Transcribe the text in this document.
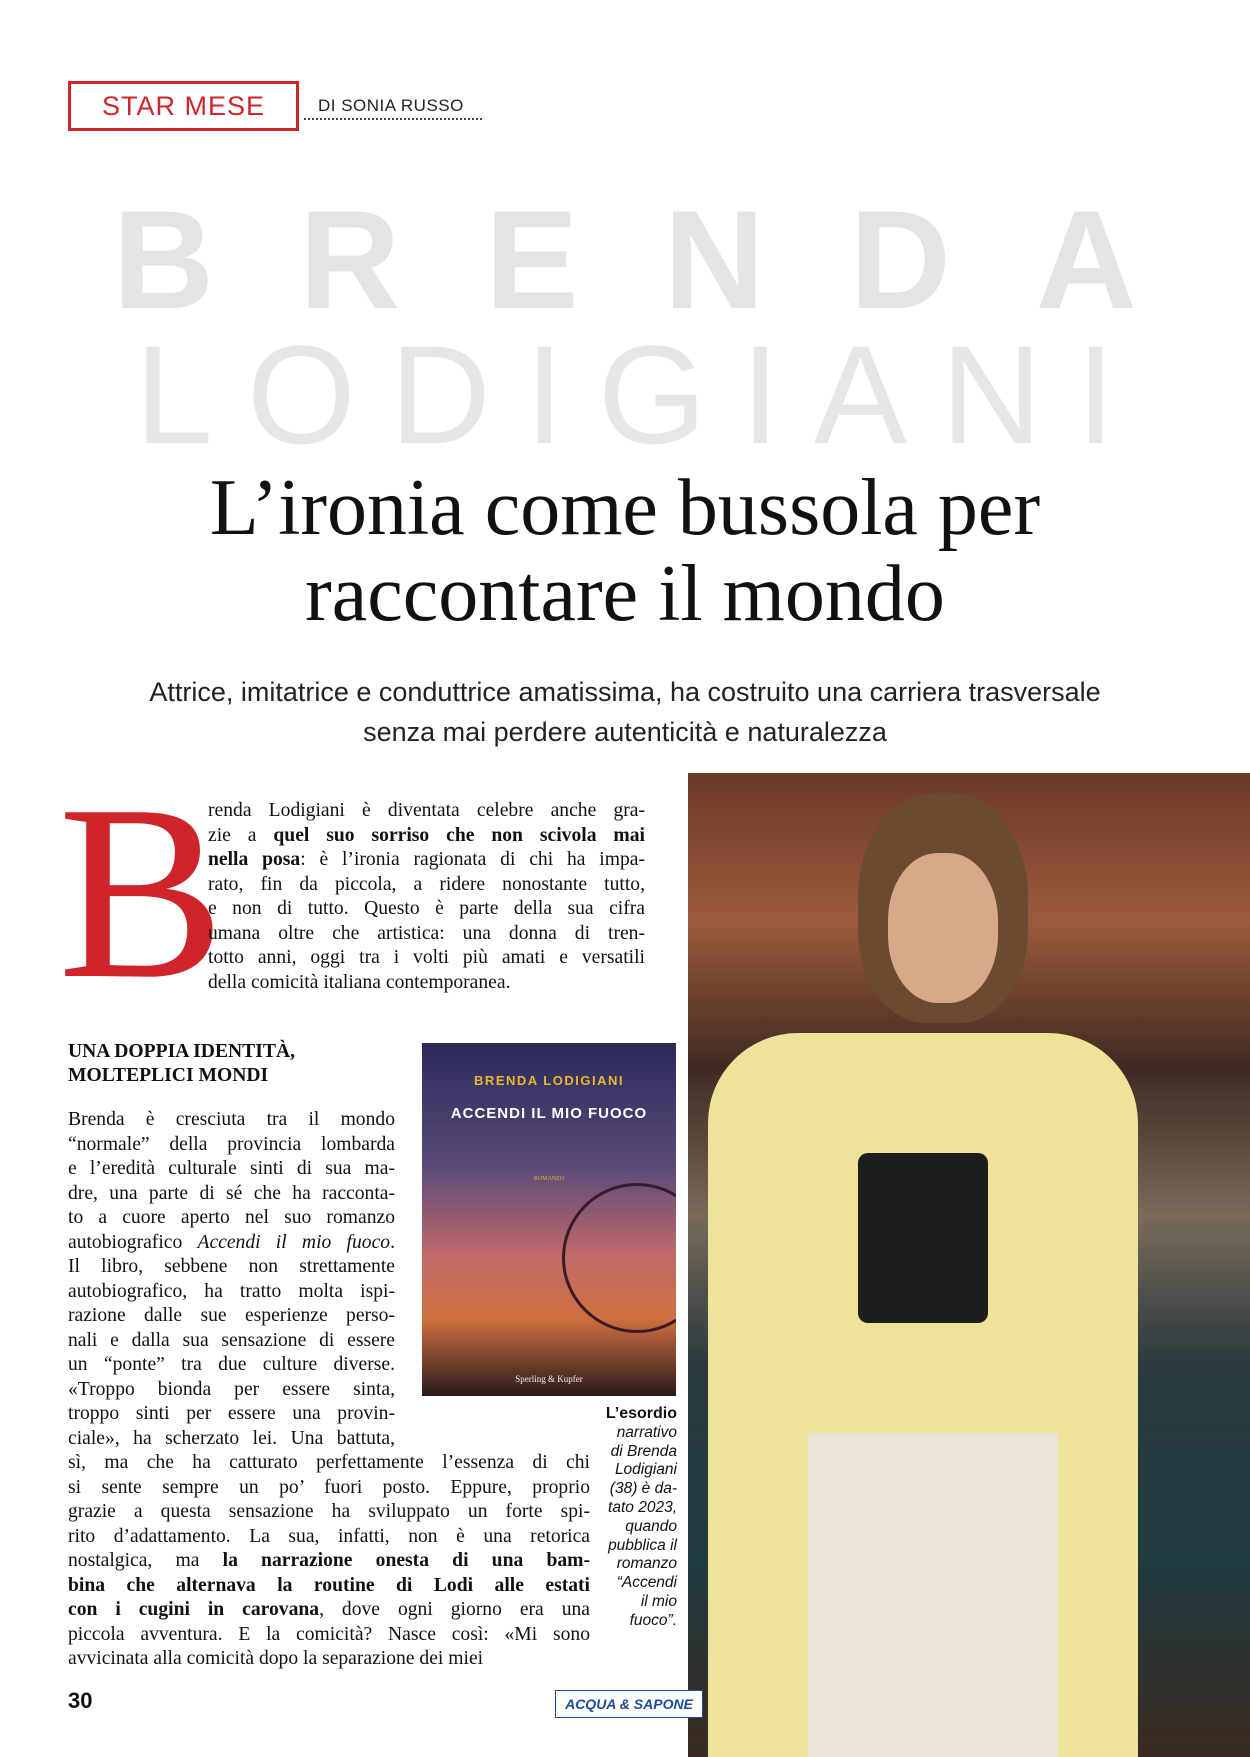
STAR MESE	DI SONIA RUSSO
BRENDA
LODIGIANI
L’ironia come bussola per
raccontare il mondo
Attrice, imitatrice e conduttrice amatissima, ha costruito una carriera trasversale
senza mai perdere autenticità e naturalezza
B
renda Lodigiani è diventata celebre anche gra-
zie a quel suo sorriso che non scivola mai
nella posa: è l’ironia ragionata di chi ha impa-
rato, fin da piccola, a ridere nonostante tutto,
e non di tutto. Questo è parte della sua cifra
umana oltre che artistica: una donna di tren-
totto anni, oggi tra i volti più amati e versatili
della comicità italiana contemporanea.
UNA DOPPIA IDENTITÀ,
MOLTEPLICI MONDI
Brenda è cresciuta tra il mondo
“normale” della provincia lombarda
e l’eredità culturale sinti di sua ma-
dre, una parte di sé che ha racconta-
to a cuore aperto nel suo romanzo
autobiografico Accendi il mio fuoco.
Il libro, sebbene non strettamente
autobiografico, ha tratto molta ispi-
razione dalle sue esperienze perso-
nali e dalla sua sensazione di essere
un “ponte” tra due culture diverse.
«Troppo bionda per essere sinta,
troppo sinti per essere una provin-
ciale», ha scherzato lei. Una battuta,
sì, ma che ha catturato perfettamente l’essenza di chi
si sente sempre un po’ fuori posto. Eppure, proprio
grazie a questa sensazione ha sviluppato un forte spi-
rito d’adattamento. La sua, infatti, non è una retorica
nostalgica, ma la narrazione onesta di una bam-
bina che alternava la routine di Lodi alle estati
con i cugini in carovana, dove ogni giorno era una
piccola avventura. E la comicità? Nasce così: «Mi sono
avvicinata alla comicità dopo la separazione dei miei
BRENDA LODIGIANI
ACCENDI IL MIO FUOCO
ROMANZO
Sperling & Kupfer
L’esordio
narrativo
di Brenda
Lodigiani
(38) è da-
tato 2023,
quando
pubblica il
romanzo
“Accendi
il mio
fuoco”.
30	ACQUA & SAPONE
